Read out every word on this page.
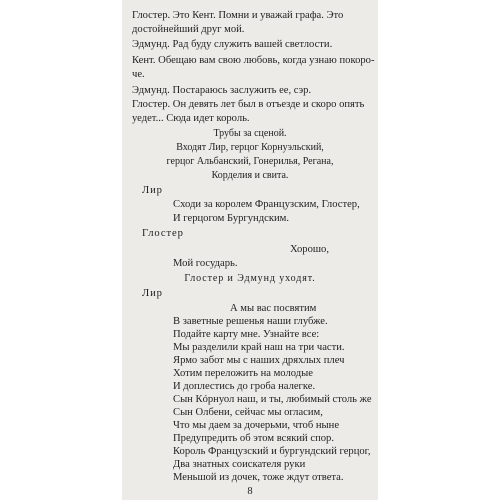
Глостер. Это Кент. Помни и уважай графа. Это
достойнейший друг мой.
Эдмунд. Рад буду служить вашей светлости.
Кент. Обещаю вам свою любовь, когда узнаю покоро-
че.
Эдмунд. Постараюсь заслужить ее, сэр.
Глостер. Он девять лет был в отъезде и скоро опять
уедет... Сюда идет король.
Трубы за сценой.
Входят Лир, герцог Корнуэльский,
герцог Альбанский, Гонерилья, Регана,
Корделия и свита.
Лир
Сходи за королем Французским, Глостер,
И герцогом Бургундским.
Глостер
Хорошо,
Мой государь.
Глостер и Эдмунд уходят.
Лир
А мы вас посвятим
В заветные решенья наши глубже.
Подайте карту мне. Узнайте все:
Мы разделили край наш на три части.
Ярмо забот мы с наших дряхлых плеч
Хотим переложить на молодые
И доплестись до гроба налегке.
Сын Кóрнуол наш, и ты, любимый столь же
Сын Олбени, сейчас мы огласим,
Что мы даем за дочерьми, чтоб ныне
Предупредить об этом всякий спор.
Король Французский и бургундский герцог,
Два знатных соискателя руки
Меньшой из дочек, тоже ждут ответа.
8
